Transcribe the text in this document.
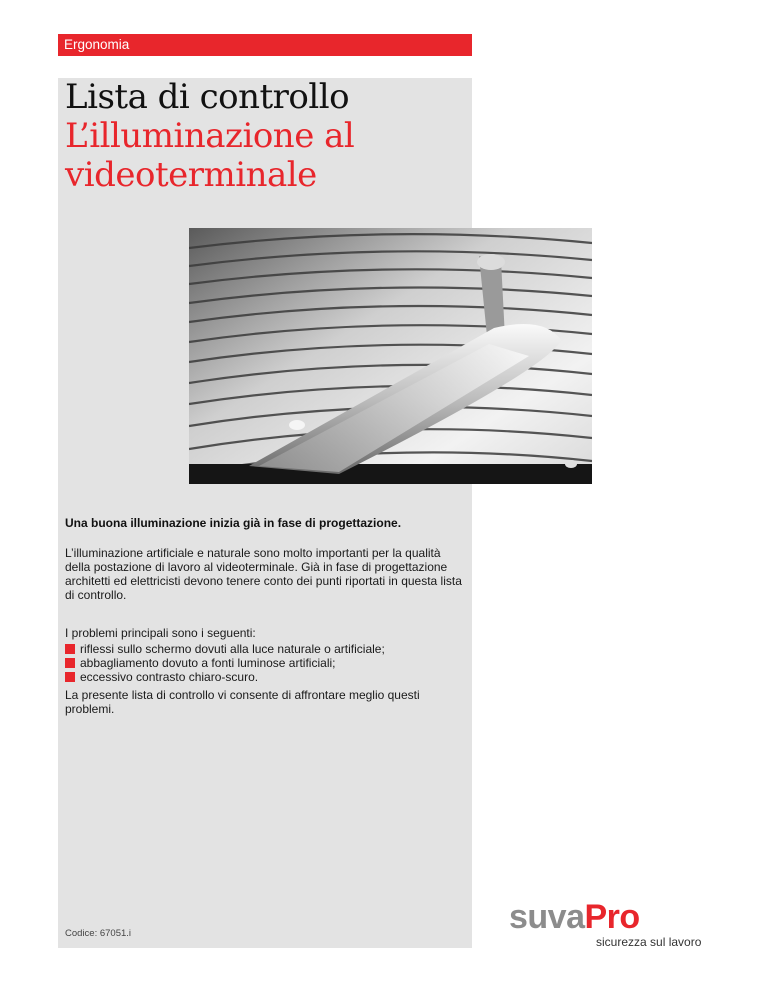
Ergonomia
Lista di controllo
L’illuminazione al videoterminale

Una buona illuminazione inizia già in fase di progettazione.

L’illuminazione artificiale e naturale sono molto importanti per la qualità della postazione di lavoro al videoterminale. Già in fase di progettazione architetti ed elettricisti devono tenere conto dei punti riportati in questa lista di controllo.

I problemi principali sono i seguenti:

riflessi sullo schermo dovuti alla luce naturale o artificiale;
abbagliamento dovuto a fonti luminose artificiali;
eccessivo contrasto chiaro-scuro.

La presente lista di controllo vi consente di affrontare meglio questi problemi.

Codice: 67051.i	suvaPro
sicurezza sul lavoro
